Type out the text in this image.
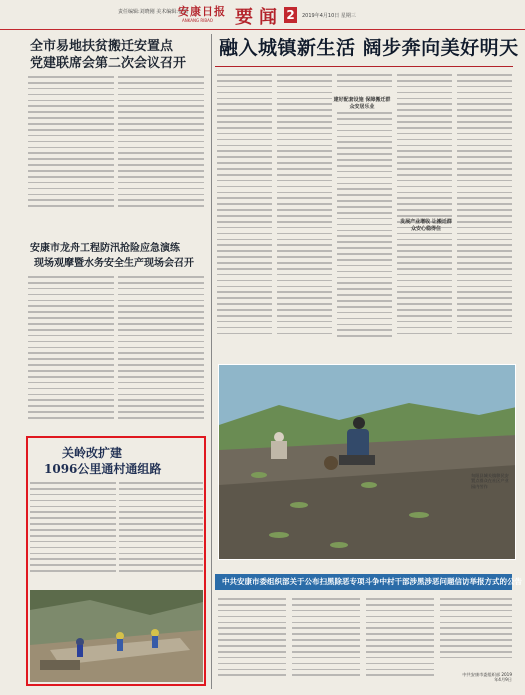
责任编辑:刘晓刚 美术编辑:张瑞
安康日报
ANKANG RIBAO 要闻 2	2019年4月10日 星期三
全市易地扶贫搬迁安置点
党建联席会第二次会议召开
安康市龙舟工程防汛抢险应急演练
现场观摩暨水务安全生产现场会召开
关岭改扩建
1096公里通村通组路
融入城镇新生活 阔步奔向美好明天
建好配套设施 保障搬迁群众安居乐业
发展产业增收 让搬迁群众安心稳得住
旬阳县城关镇移民安置点群众在社区产业园内劳作
中共安康市委组织部关于公布扫黑除恶专项斗争中村干部涉黑涉恶问题信访举报方式的公告
中共安康市委组织部 2019年4月9日
